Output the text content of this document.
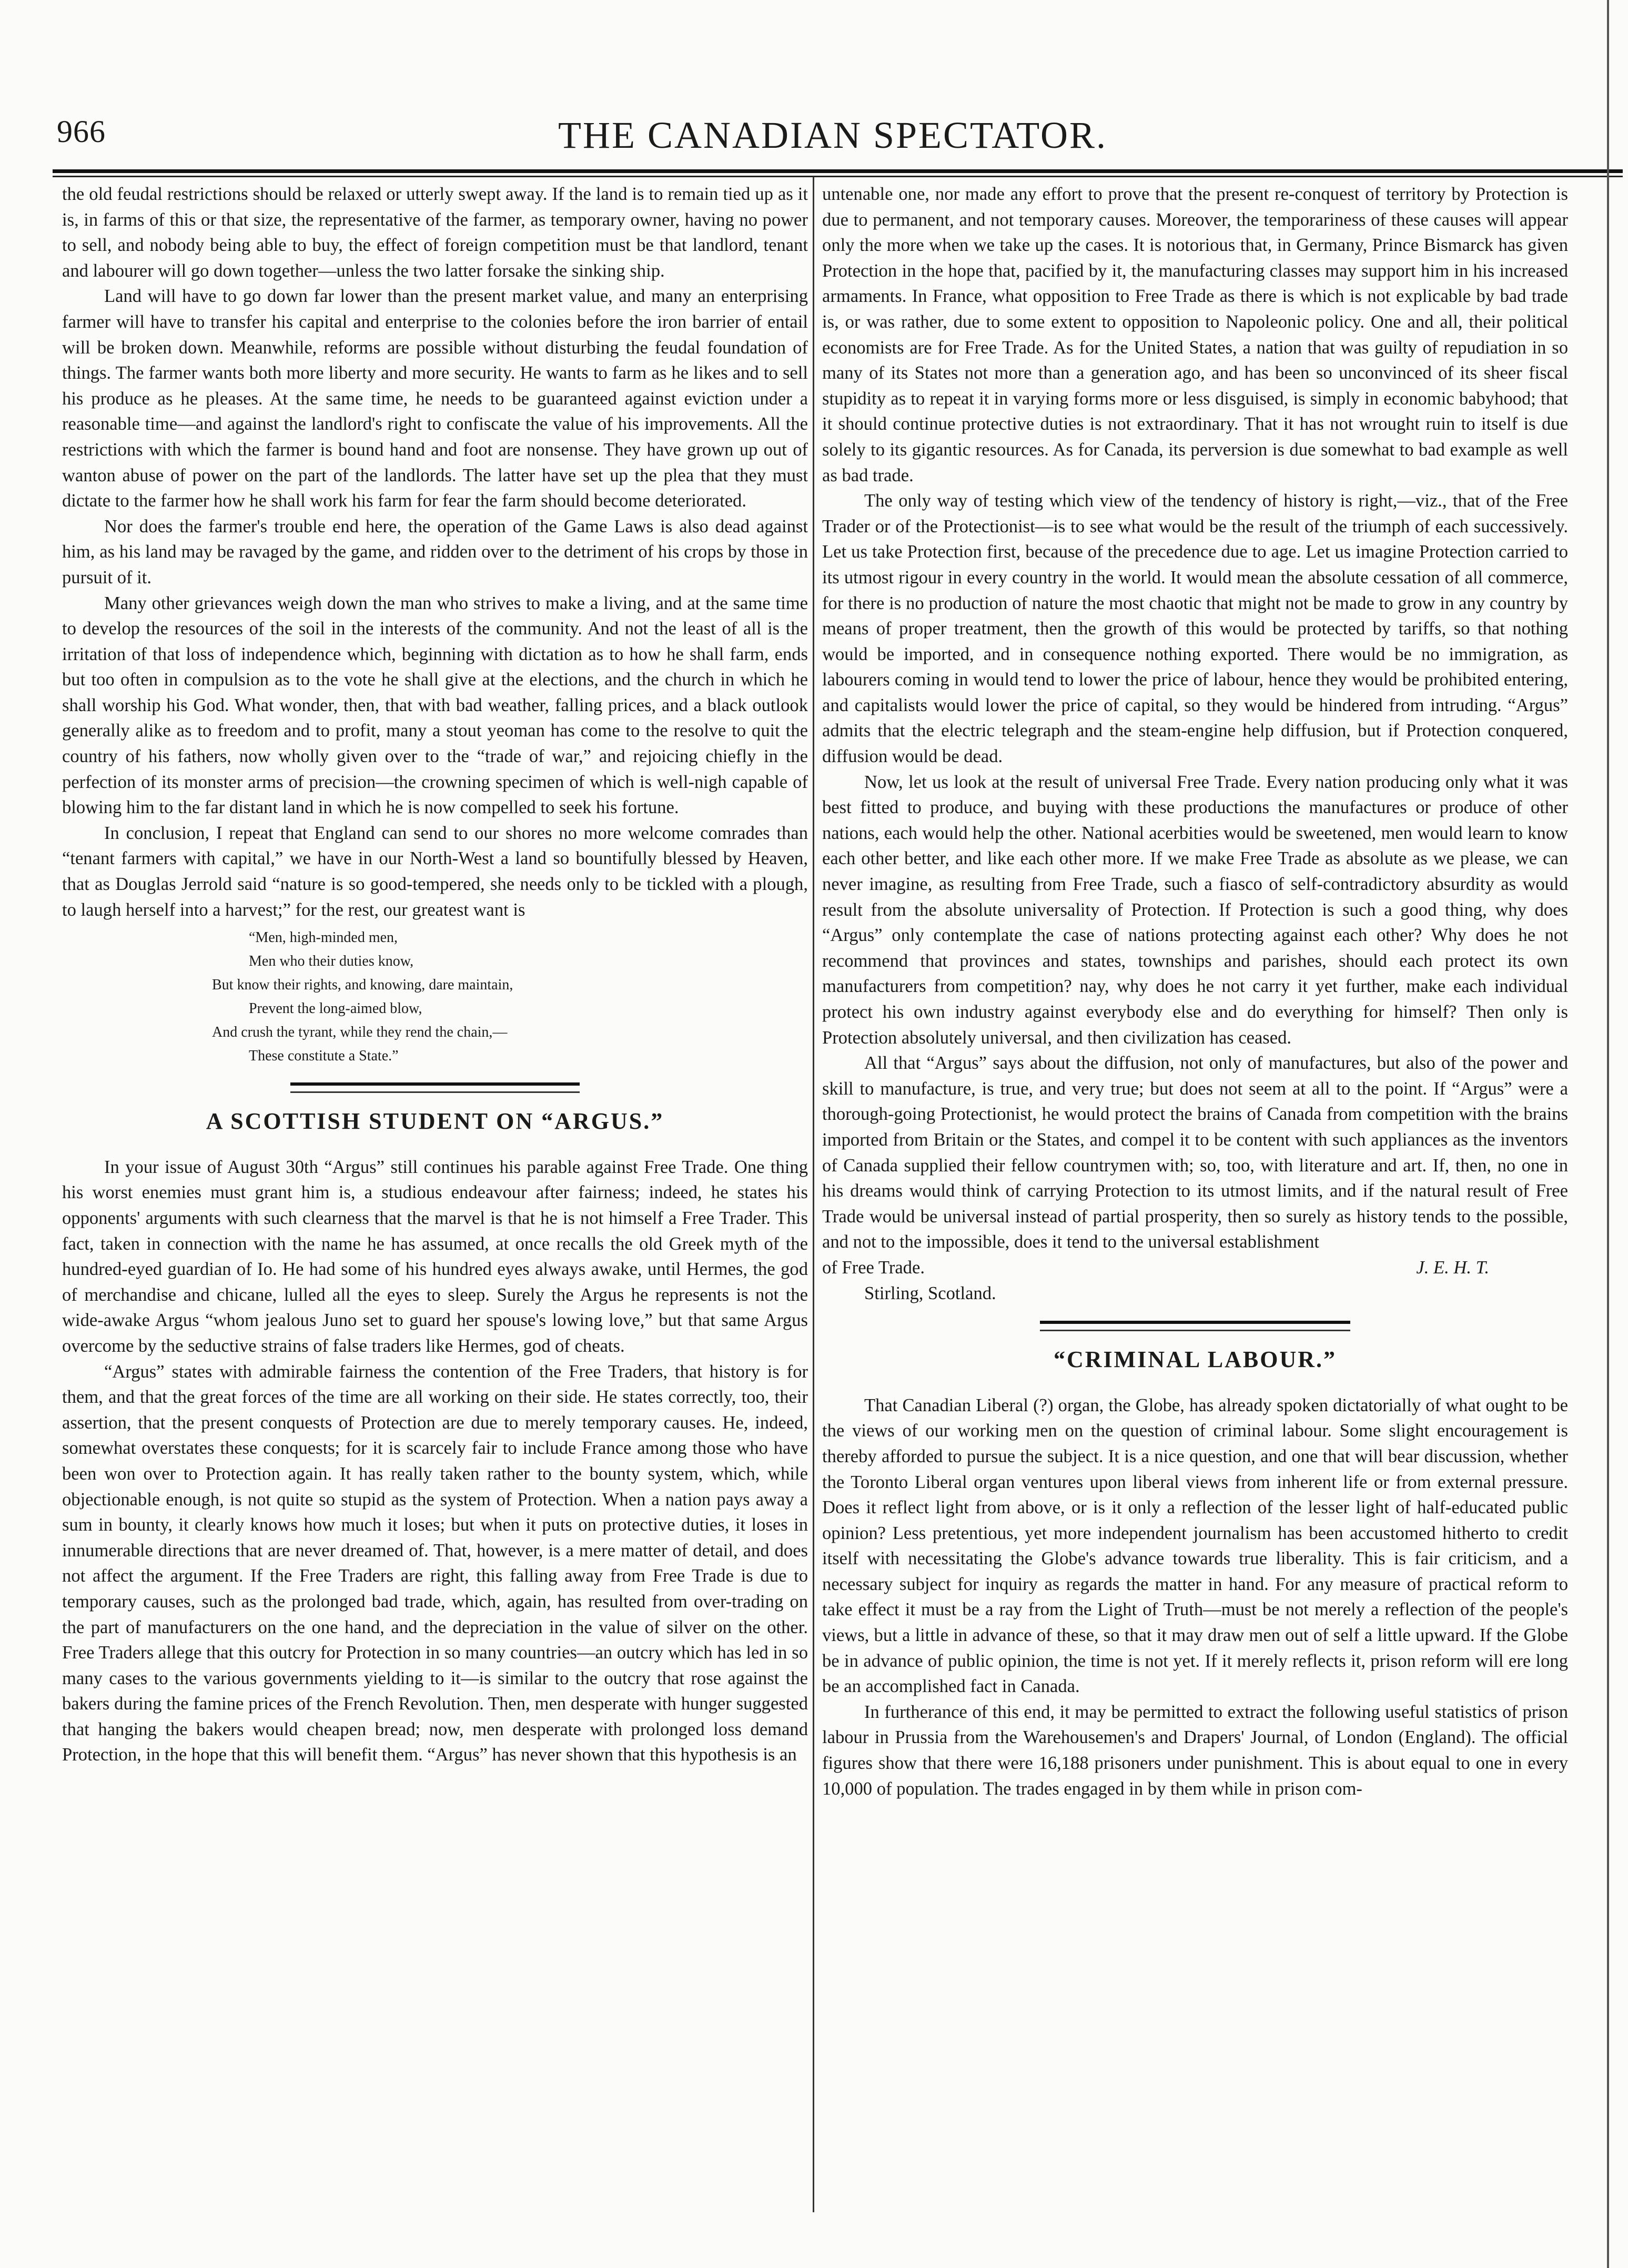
966	THE CANADIAN SPECTATOR.

the old feudal restrictions should be relaxed or utterly swept away. If the land is to remain tied up as it is, in farms of this or that size, the representative of the farmer, as temporary owner, having no power to sell, and nobody being able to buy, the effect of foreign competition must be that landlord, tenant and labourer will go down together—unless the two latter forsake the sinking ship.

Land will have to go down far lower than the present market value, and many an enterprising farmer will have to transfer his capital and enterprise to the colonies before the iron barrier of entail will be broken down. Meanwhile, reforms are possible without disturbing the feudal foundation of things. The farmer wants both more liberty and more security. He wants to farm as he likes and to sell his produce as he pleases. At the same time, he needs to be guaranteed against eviction under a reasonable time—and against the landlord's right to confiscate the value of his improvements. All the restrictions with which the farmer is bound hand and foot are nonsense. They have grown up out of wanton abuse of power on the part of the landlords. The latter have set up the plea that they must dictate to the farmer how he shall work his farm for fear the farm should become deteriorated.

Nor does the farmer's trouble end here, the operation of the Game Laws is also dead against him, as his land may be ravaged by the game, and ridden over to the detriment of his crops by those in pursuit of it.

Many other grievances weigh down the man who strives to make a living, and at the same time to develop the resources of the soil in the interests of the community. And not the least of all is the irritation of that loss of independence which, beginning with dictation as to how he shall farm, ends but too often in compulsion as to the vote he shall give at the elections, and the church in which he shall worship his God. What wonder, then, that with bad weather, falling prices, and a black outlook generally alike as to freedom and to profit, many a stout yeoman has come to the resolve to quit the country of his fathers, now wholly given over to the “trade of war,” and rejoicing chiefly in the perfection of its monster arms of precision—the crowning specimen of which is well-nigh capable of blowing him to the far distant land in which he is now compelled to seek his fortune.

In conclusion, I repeat that England can send to our shores no more welcome comrades than “tenant farmers with capital,” we have in our North-West a land so bountifully blessed by Heaven, that as Douglas Jerrold said “nature is so good-tempered, she needs only to be tickled with a plough, to laugh herself into a harvest;” for the rest, our greatest want is

“Men, high-minded men,
Men who their duties know,
But know their rights, and knowing, dare maintain,
Prevent the long-aimed blow,
And crush the tyrant, while they rend the chain,—
These constitute a State.”
A SCOTTISH STUDENT ON “ARGUS.”

In your issue of August 30th “Argus” still continues his parable against Free Trade. One thing his worst enemies must grant him is, a studious endeavour after fairness; indeed, he states his opponents' arguments with such clearness that the marvel is that he is not himself a Free Trader. This fact, taken in connection with the name he has assumed, at once recalls the old Greek myth of the hundred-eyed guardian of Io. He had some of his hundred eyes always awake, until Hermes, the god of merchandise and chicane, lulled all the eyes to sleep. Surely the Argus he represents is not the wide-awake Argus “whom jealous Juno set to guard her spouse's lowing love,” but that same Argus overcome by the seductive strains of false traders like Hermes, god of cheats.

“Argus” states with admirable fairness the contention of the Free Traders, that history is for them, and that the great forces of the time are all working on their side. He states correctly, too, their assertion, that the present conquests of Protection are due to merely temporary causes. He, indeed, somewhat overstates these conquests; for it is scarcely fair to include France among those who have been won over to Protection again. It has really taken rather to the bounty system, which, while objectionable enough, is not quite so stupid as the system of Protection. When a nation pays away a sum in bounty, it clearly knows how much it loses; but when it puts on protective duties, it loses in innumerable directions that are never dreamed of. That, however, is a mere matter of detail, and does not affect the argument. If the Free Traders are right, this falling away from Free Trade is due to temporary causes, such as the prolonged bad trade, which, again, has resulted from over-trading on the part of manufacturers on the one hand, and the depreciation in the value of silver on the other. Free Traders allege that this outcry for Protection in so many countries—an outcry which has led in so many cases to the various governments yielding to it—is similar to the outcry that rose against the bakers during the famine prices of the French Revolution. Then, men desperate with hunger suggested that hanging the bakers would cheapen bread; now, men desperate with prolonged loss demand Protection, in the hope that this will benefit them. “Argus” has never shown that this hypothesis is an

untenable one, nor made any effort to prove that the present re-conquest of territory by Protection is due to permanent, and not temporary causes. Moreover, the temporariness of these causes will appear only the more when we take up the cases. It is notorious that, in Germany, Prince Bismarck has given Protection in the hope that, pacified by it, the manufacturing classes may support him in his increased armaments. In France, what opposition to Free Trade as there is which is not explicable by bad trade is, or was rather, due to some extent to opposition to Napoleonic policy. One and all, their political economists are for Free Trade. As for the United States, a nation that was guilty of repudiation in so many of its States not more than a generation ago, and has been so unconvinced of its sheer fiscal stupidity as to repeat it in varying forms more or less disguised, is simply in economic babyhood; that it should continue protective duties is not extraordinary. That it has not wrought ruin to itself is due solely to its gigantic resources. As for Canada, its perversion is due somewhat to bad example as well as bad trade.

The only way of testing which view of the tendency of history is right,—viz., that of the Free Trader or of the Protectionist—is to see what would be the result of the triumph of each successively. Let us take Protection first, because of the precedence due to age. Let us imagine Protection carried to its utmost rigour in every country in the world. It would mean the absolute cessation of all commerce, for there is no production of nature the most chaotic that might not be made to grow in any country by means of proper treatment, then the growth of this would be protected by tariffs, so that nothing would be imported, and in consequence nothing exported. There would be no immigration, as labourers coming in would tend to lower the price of labour, hence they would be prohibited entering, and capitalists would lower the price of capital, so they would be hindered from intruding. “Argus” admits that the electric telegraph and the steam-engine help diffusion, but if Protection conquered, diffusion would be dead.

Now, let us look at the result of universal Free Trade. Every nation producing only what it was best fitted to produce, and buying with these productions the manufactures or produce of other nations, each would help the other. National acerbities would be sweetened, men would learn to know each other better, and like each other more. If we make Free Trade as absolute as we please, we can never imagine, as resulting from Free Trade, such a fiasco of self-contradictory absurdity as would result from the absolute universality of Protection. If Protection is such a good thing, why does “Argus” only contemplate the case of nations protecting against each other? Why does he not recommend that provinces and states, townships and parishes, should each protect its own manufacturers from competition? nay, why does he not carry it yet further, make each individual protect his own industry against everybody else and do everything for himself? Then only is Protection absolutely universal, and then civilization has ceased.

All that “Argus” says about the diffusion, not only of manufactures, but also of the power and skill to manufacture, is true, and very true; but does not seem at all to the point. If “Argus” were a thorough-going Protectionist, he would protect the brains of Canada from competition with the brains imported from Britain or the States, and compel it to be content with such appliances as the inventors of Canada supplied their fellow countrymen with; so, too, with literature and art. If, then, no one in his dreams would think of carrying Protection to its utmost limits, and if the natural result of Free Trade would be universal instead of partial prosperity, then so surely as history tends to the possible, and not to the impossible, does it tend to the universal establishment

of Free Trade.	J. E. H. T.

Stirling, Scotland.

“CRIMINAL LABOUR.”

That Canadian Liberal (?) organ, the Globe, has already spoken dictatorially of what ought to be the views of our working men on the question of criminal labour. Some slight encouragement is thereby afforded to pursue the subject. It is a nice question, and one that will bear discussion, whether the Toronto Liberal organ ventures upon liberal views from inherent life or from external pressure. Does it reflect light from above, or is it only a reflection of the lesser light of half-educated public opinion? Less pretentious, yet more independent journalism has been accustomed hitherto to credit itself with necessitating the Globe's advance towards true liberality. This is fair criticism, and a necessary subject for inquiry as regards the matter in hand. For any measure of practical reform to take effect it must be a ray from the Light of Truth—must be not merely a reflection of the people's views, but a little in advance of these, so that it may draw men out of self a little upward. If the Globe be in advance of public opinion, the time is not yet. If it merely reflects it, prison reform will ere long be an accomplished fact in Canada.

In furtherance of this end, it may be permitted to extract the following useful statistics of prison labour in Prussia from the Warehousemen's and Drapers' Journal, of London (England). The official figures show that there were 16,188 prisoners under punishment. This is about equal to one in every 10,000 of population. The trades engaged in by them while in prison com-
